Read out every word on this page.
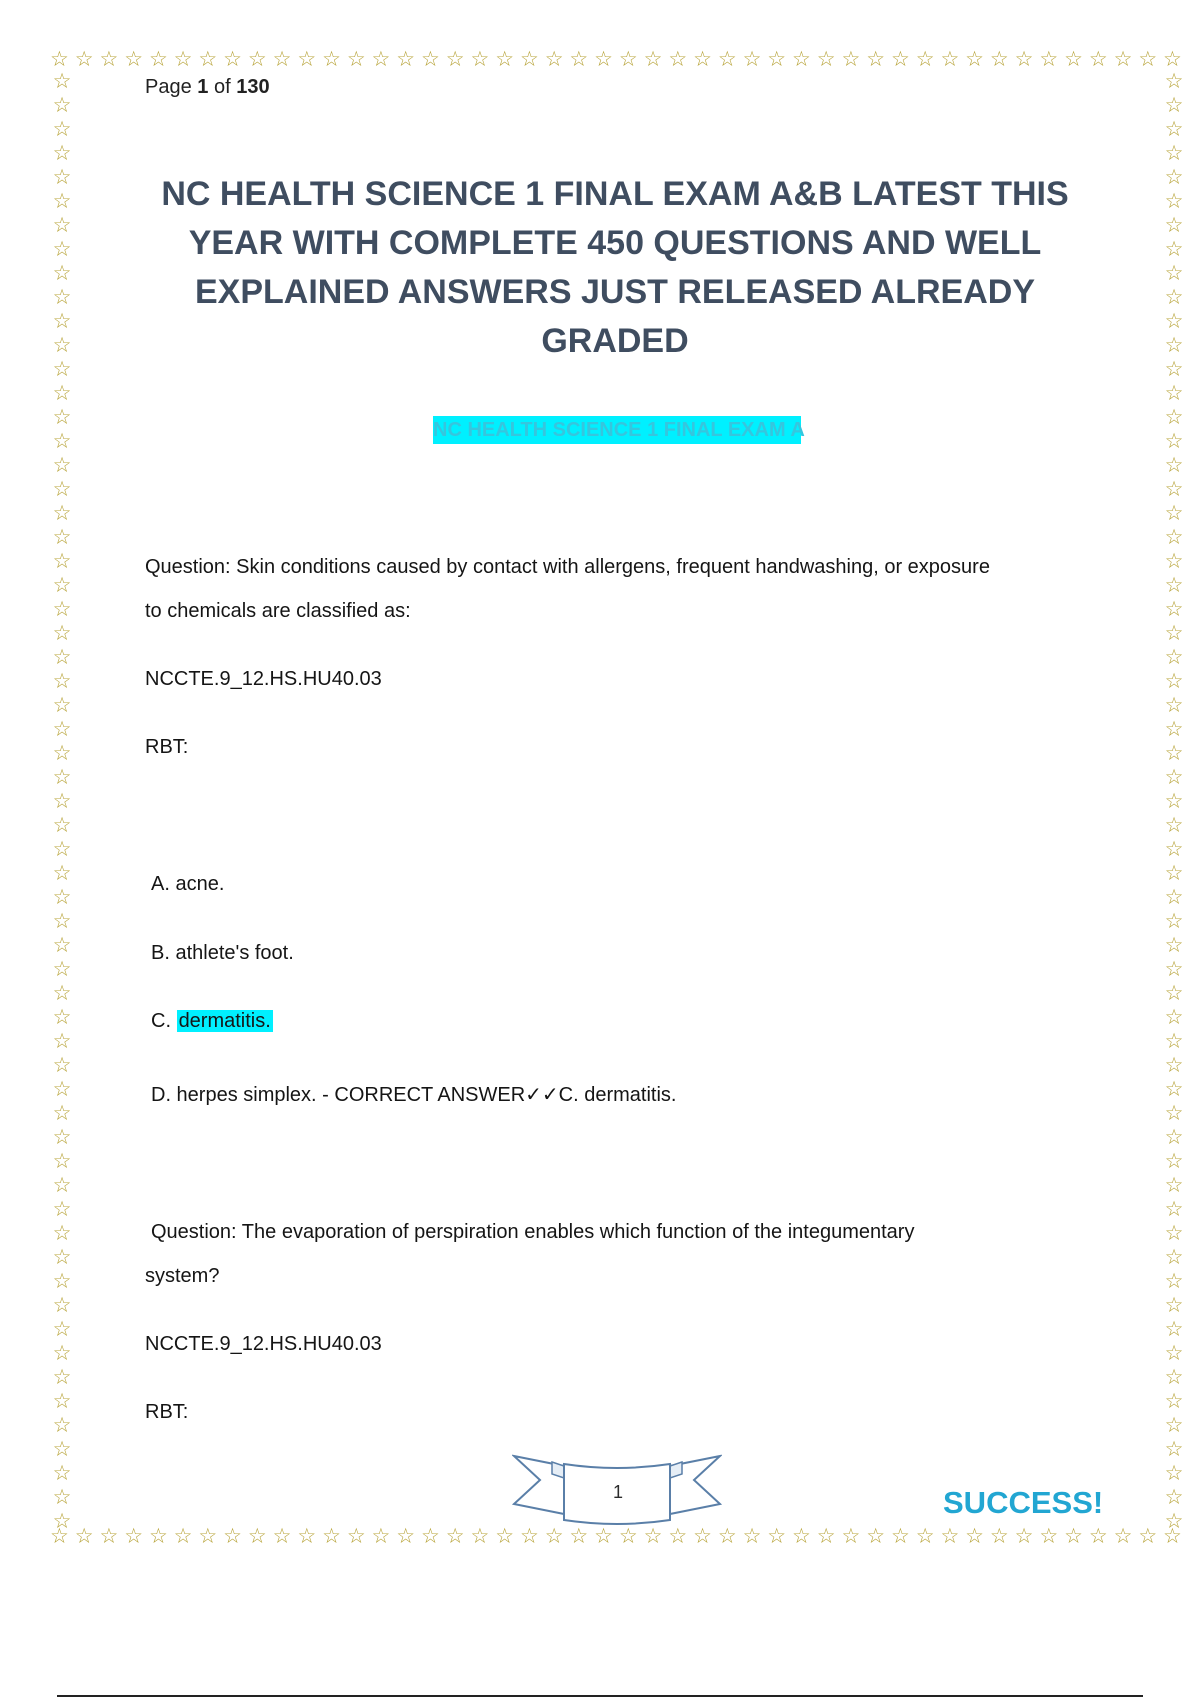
☆
☆
☆
☆
☆
☆
☆
☆
☆
☆
☆
☆
☆
☆
☆
☆
☆
☆
☆
☆
☆
☆
☆
☆
☆
☆
☆
☆
☆
☆
☆
☆
☆
☆
☆
☆
☆
☆
☆
☆
☆
☆
☆
☆
☆
☆
☆
☆
☆
☆
☆
☆
☆
☆
☆
☆
☆
☆
☆
☆
☆
☆
☆
☆
☆
☆
☆
☆
☆
☆
☆
☆
☆
☆
☆
☆
☆
☆
☆
☆
☆
☆
☆
☆
☆
☆
☆
☆
☆
☆
☆
☆
☆
☆
☆
☆
☆
☆
☆
☆
☆
☆
☆
☆
☆
☆
☆
☆
☆
☆
☆
☆
☆
☆
☆
☆
☆
☆
☆
☆
☆
☆
☆
☆
☆
☆
☆
☆
☆
☆
☆
☆
☆
☆
☆
☆
☆
☆
☆
☆
☆
☆
☆
☆
☆
☆
☆
☆
☆
☆
☆
☆
☆
☆
☆
☆
☆
☆
☆
☆
☆
☆
☆
☆
☆
☆
☆
☆
☆
☆
☆
☆
☆
☆
☆
☆
☆
☆
☆
☆
☆
☆
☆
☆
☆
☆
☆
☆
☆
☆
☆
☆
☆
☆
☆
☆
☆
☆
☆
☆
☆
☆
☆
☆
☆
☆
☆
☆
☆
☆
☆
☆
☆
☆
Page 1 of 130
NC HEALTH SCIENCE 1 FINAL EXAM A&B LATEST THIS YEAR WITH COMPLETE 450 QUESTIONS AND WELL EXPLAINED ANSWERS JUST RELEASED ALREADY GRADED
NC HEALTH SCIENCE 1 FINAL EXAM A
Question: Skin conditions caused by contact with allergens, frequent handwashing, or exposure
to chemicals are classified as:
NCCTE.9_12.HS.HU40.03
RBT:
A. acne.
B. athlete's foot.
C. dermatitis.
D. herpes simplex. - CORRECT ANSWER✓✓C. dermatitis.
Question: The evaporation of perspiration enables which function of the integumentary
system?
NCCTE.9_12.HS.HU40.03
RBT:
1	SUCCESS!
